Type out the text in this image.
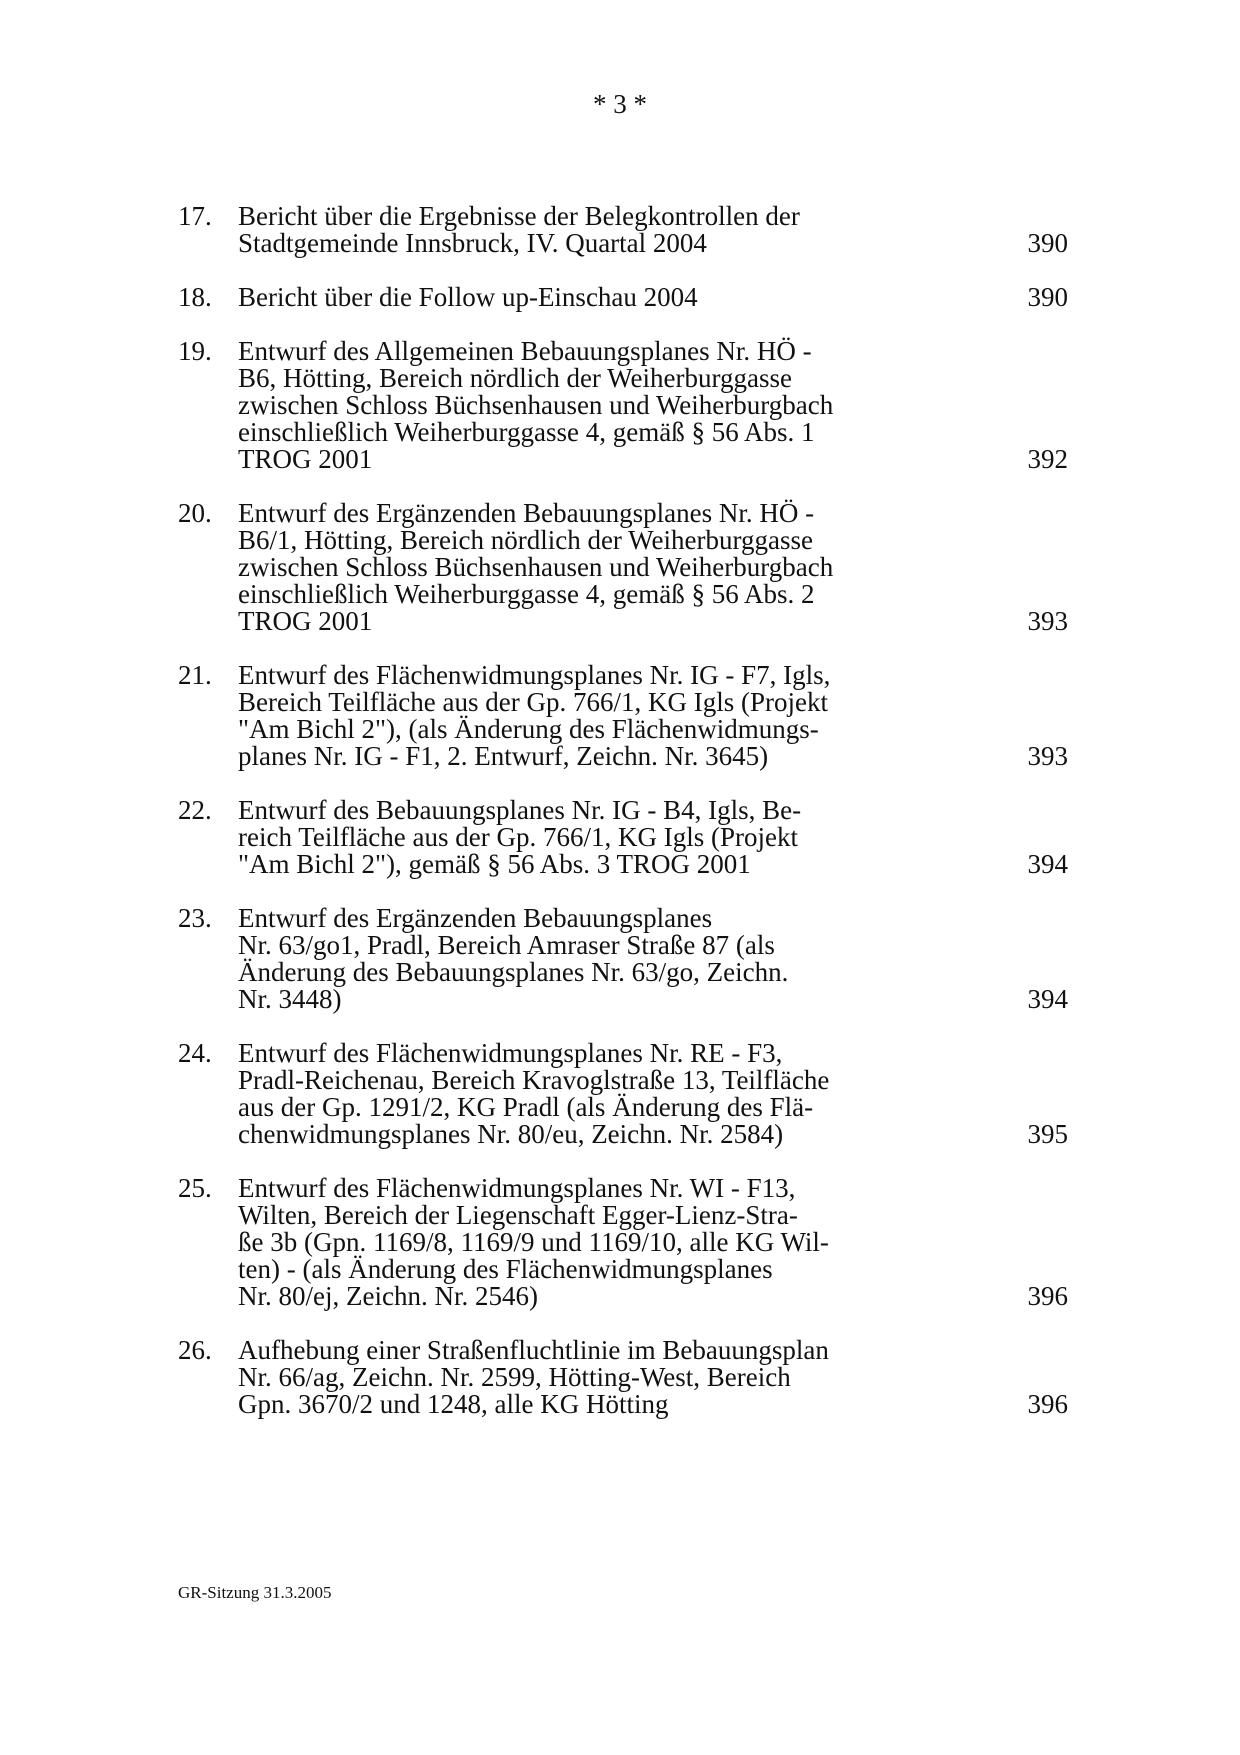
* 3 *
17. Bericht über die Ergebnisse der Belegkontrollen der
Stadtgemeinde Innsbruck, IV. Quartal 2004	390
18. Bericht über die Follow up-Einschau 2004	390
19. Entwurf des Allgemeinen Bebauungsplanes Nr. HÖ -
B6, Hötting, Bereich nördlich der Weiherburggasse
zwischen Schloss Büchsenhausen und Weiherburgbach
einschließlich Weiherburggasse 4, gemäß § 56 Abs. 1
TROG 2001	392
20. Entwurf des Ergänzenden Bebauungsplanes Nr. HÖ -
B6/1, Hötting, Bereich nördlich der Weiherburggasse
zwischen Schloss Büchsenhausen und Weiherburgbach
einschließlich Weiherburggasse 4, gemäß § 56 Abs. 2
TROG 2001	393
21. Entwurf des Flächenwidmungsplanes Nr. IG - F7, Igls,
Bereich Teilfläche aus der Gp. 766/1, KG Igls (Projekt
"Am Bichl 2"), (als Änderung des Flächenwidmungs-
planes Nr. IG - F1, 2. Entwurf, Zeichn. Nr. 3645)	393
22. Entwurf des Bebauungsplanes Nr. IG - B4, Igls, Be-
reich Teilfläche aus der Gp. 766/1, KG Igls (Projekt
"Am Bichl 2"), gemäß § 56 Abs. 3 TROG 2001	394
23. Entwurf des Ergänzenden Bebauungsplanes
Nr. 63/go1, Pradl, Bereich Amraser Straße 87 (als
Änderung des Bebauungsplanes Nr. 63/go, Zeichn.
Nr. 3448)	394
24. Entwurf des Flächenwidmungsplanes Nr. RE - F3,
Pradl-Reichenau, Bereich Kravoglstraße 13, Teilfläche
aus der Gp. 1291/2, KG Pradl (als Änderung des Flä-
chenwidmungsplanes Nr. 80/eu, Zeichn. Nr. 2584)	395
25. Entwurf des Flächenwidmungsplanes Nr. WI - F13,
Wilten, Bereich der Liegenschaft Egger-Lienz-Stra-
ße 3b (Gpn. 1169/8, 1169/9 und 1169/10, alle KG Wil-
ten) - (als Änderung des Flächenwidmungsplanes
Nr. 80/ej, Zeichn. Nr. 2546)	396
26. Aufhebung einer Straßenfluchtlinie im Bebauungsplan
Nr. 66/ag, Zeichn. Nr. 2599, Hötting-West, Bereich
Gpn. 3670/2 und 1248, alle KG Hötting	396
GR-Sitzung 31.3.2005
